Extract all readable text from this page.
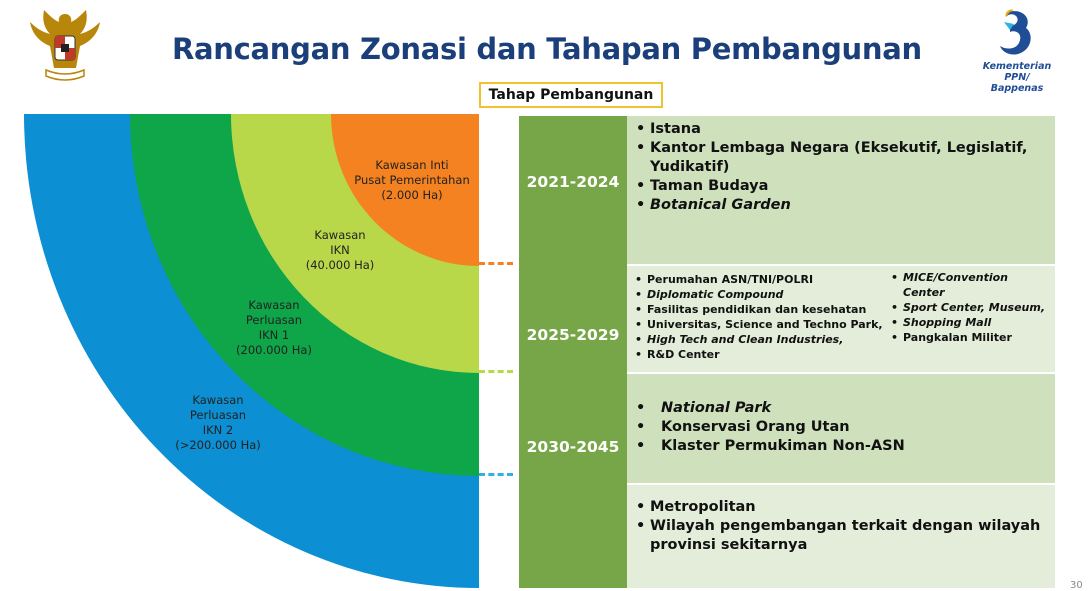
Rancangan Zonasi dan Tahapan Pembangunan
Kementerian PPN/
Bappenas
Tahap Pembangunan
Kawasan Inti
Pusat Pemerintahan
(2.000 Ha)
Kawasan
IKN
(40.000 Ha)
Kawasan
Perluasan
IKN 1
(200.000 Ha)
Kawasan
Perluasan
IKN 2
(>200.000 Ha)
2021-2024
2025-2029
2030-2045
• Istana
• Kantor Lembaga Negara (Eksekutif, Legislatif, Yudikatif)
• Taman Budaya
• Botanical Garden
• Perumahan ASN/TNI/POLRI
• Diplomatic Compound
• Fasilitas pendidikan dan kesehatan
• Universitas, Science and Techno Park,
• High Tech and Clean Industries,
• R&D Center
• MICE/Convention Center
• Sport Center, Museum,
• Shopping Mall
• Pangkalan Militer
• National Park
• Konservasi Orang Utan
• Klaster Permukiman Non-ASN
• Metropolitan
• Wilayah pengembangan terkait dengan wilayah provinsi sekitarnya
30
